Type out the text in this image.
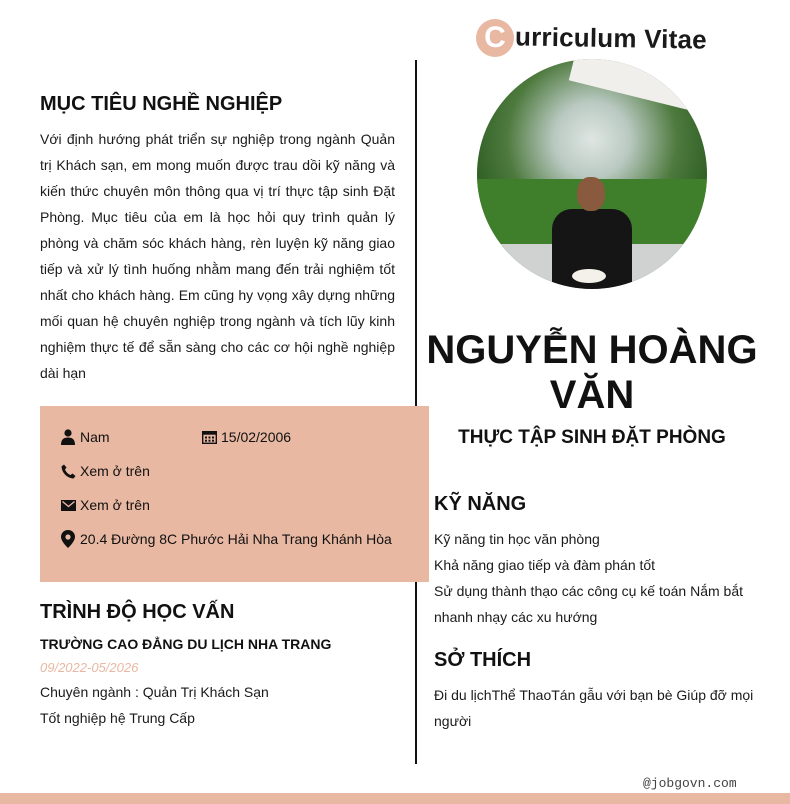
C urriculum Vitae
MỤC TIÊU NGHỀ NGHIỆP

Với định hướng phát triển sự nghiệp trong ngành Quản trị Khách sạn, em mong muốn được trau dồi kỹ năng và kiến thức chuyên môn thông qua vị trí thực tập sinh Đặt Phòng. Mục tiêu của em là học hỏi quy trình quản lý phòng và chăm sóc khách hàng, rèn luyện kỹ năng giao tiếp và xử lý tình huống nhằm mang đến trải nghiệm tốt nhất cho khách hàng. Em cũng hy vọng xây dựng những mối quan hệ chuyên nghiệp trong ngành và tích lũy kinh nghiệm thực tế để sẵn sàng cho các cơ hội nghề nghiệp dài hạn

Nam	15/02/2006
Xem ở trên
Xem ở trên
20.4 Đường 8C Phước Hải Nha Trang Khánh Hòa
TRÌNH ĐỘ HỌC VẤN
TRƯỜNG CAO ĐẲNG DU LỊCH NHA TRANG
09/2022-05/2026
Chuyên ngành : Quản Trị Khách Sạn
Tốt nghiệp hệ Trung Cấp
NGUYỄN HOÀNG VĂN
THỰC TẬP SINH ĐẶT PHÒNG
KỸ NĂNG
Kỹ năng tin học văn phòng
Khả năng giao tiếp và đàm phán tốt
Sử dụng thành thạo các công cụ kế toán Nắm bắt nhanh nhạy các xu hướng
SỞ THÍCH

Đi du lịchThể ThaoTán gẫu với bạn bè Giúp đỡ mọi người

@jobgovn.com
